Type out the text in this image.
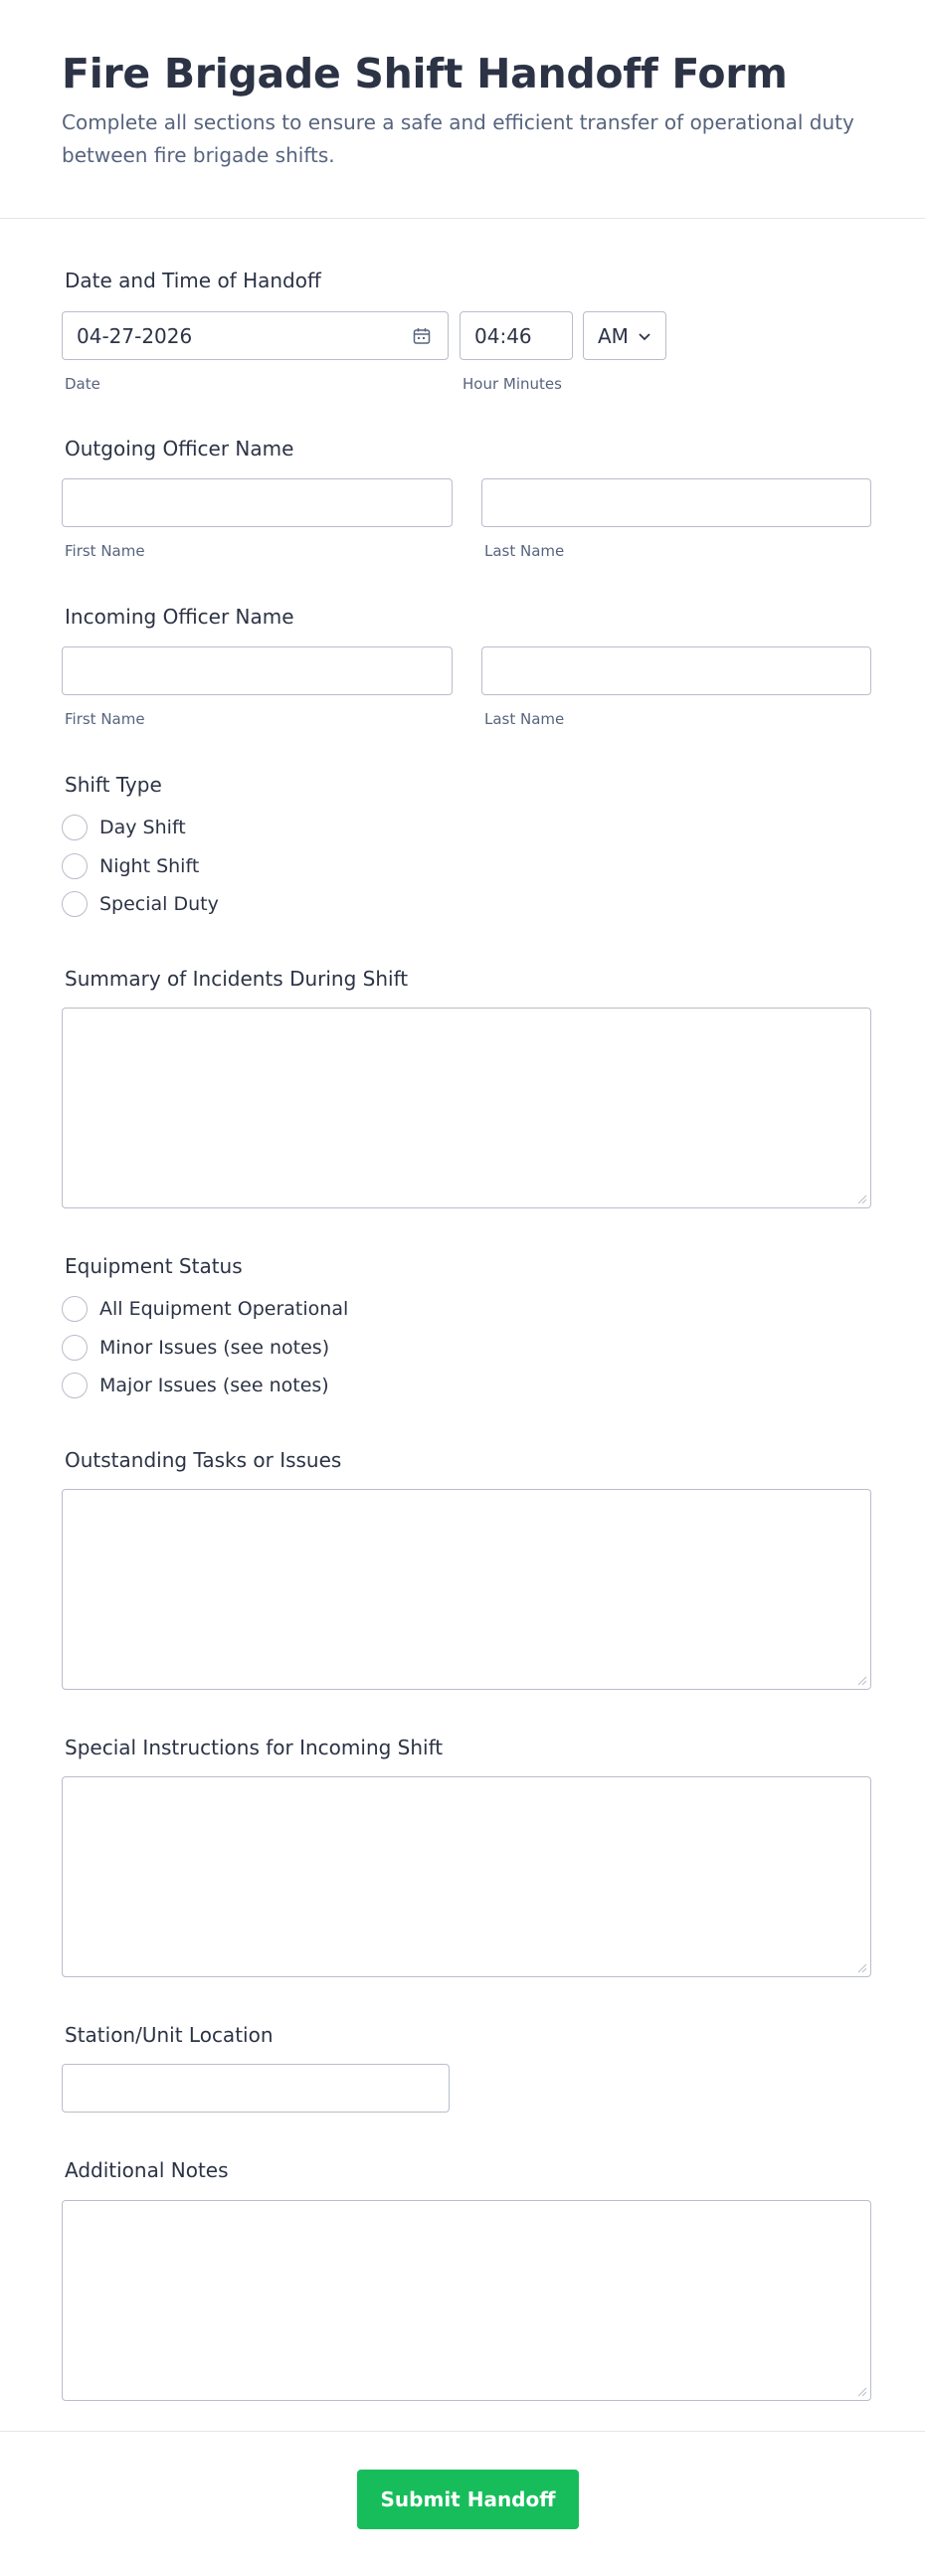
Fire Brigade Shift Handoff Form
Complete all sections to ensure a safe and efficient transfer of operational duty between fire brigade shifts.
Date and Time of Handoff
04-27-2026	04:46	AM
Date	Hour Minutes
Outgoing Officer Name
First Name	Last Name
Incoming Officer Name
First Name	Last Name
Shift Type
Day Shift
Night Shift
Special Duty
Summary of Incidents During Shift
Equipment Status
All Equipment Operational
Minor Issues (see notes)
Major Issues (see notes)
Outstanding Tasks or Issues
Special Instructions for Incoming Shift
Station/Unit Location
Additional Notes
Submit Handoff
